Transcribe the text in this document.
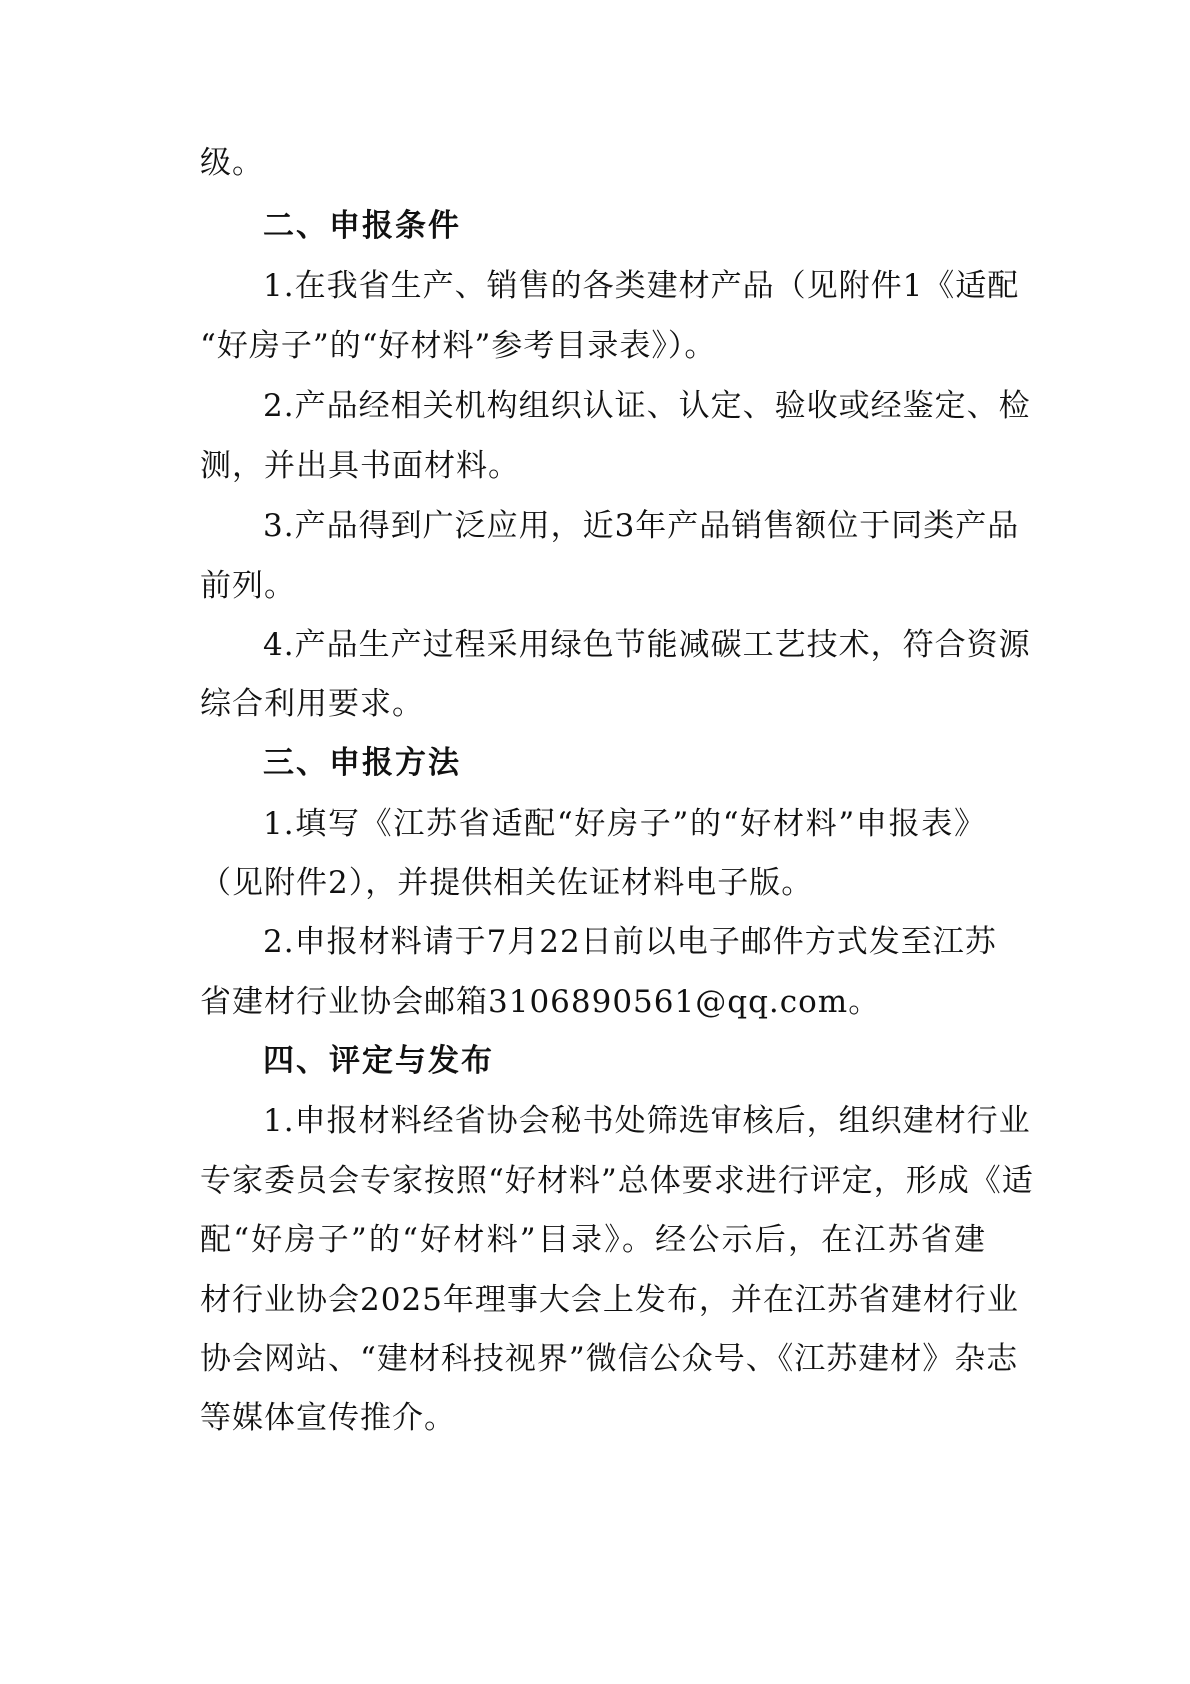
级。
二、申报条件
1.在我省生产、销售的各类建材产品（见附件1《适配
“好房子”的“好材料”参考目录表》）。
2.产品经相关机构组织认证、认定、验收或经鉴定、检
测，并出具书面材料。
3.产品得到广泛应用，近3年产品销售额位于同类产品
前列。
4.产品生产过程采用绿色节能减碳工艺技术，符合资源
综合利用要求。
三、申报方法
1.填写《江苏省适配“好房子”的“好材料”申报表》
（见附件2），并提供相关佐证材料电子版。
2.申报材料请于7月22日前以电子邮件方式发至江苏
省建材行业协会邮箱3106890561@qq.com。
四、评定与发布
1.申报材料经省协会秘书处筛选审核后，组织建材行业
专家委员会专家按照“好材料”总体要求进行评定，形成《适
配“好房子”的“好材料”目录》。经公示后，在江苏省建
材行业协会2025年理事大会上发布，并在江苏省建材行业
协会网站、“建材科技视界”微信公众号、《江苏建材》杂志
等媒体宣传推介。
